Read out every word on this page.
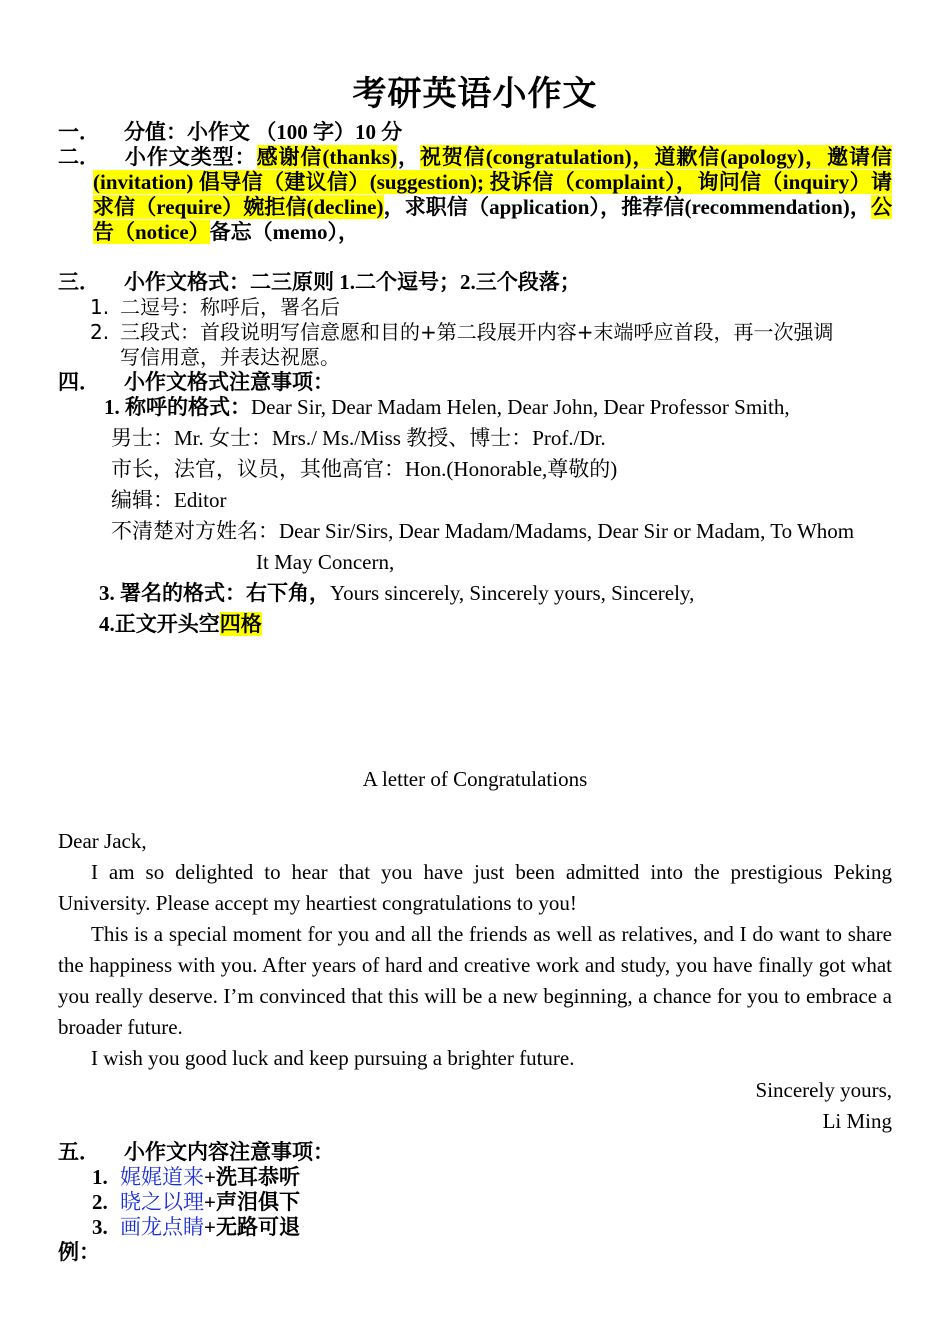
考研英语小作文
一． 分值：小作文 （100 字）10 分
二． 小作文类型：感谢信(thanks)，祝贺信(congratulation)，道歉信(apology)，邀请信(invitation) 倡导信（建议信）(suggestion); 投诉信（complaint），询问信（inquiry）请求信（require）婉拒信(decline)，求职信（application），推荐信(recommendation)，公告（notice）备忘（memo），
三． 小作文格式：二三原则 1.二个逗号；2.三个段落；
1. 二逗号：称呼后，署名后
2. 三段式：首段说明写信意愿和目的+第二段展开内容+末端呼应首段，再一次强调
写信用意，并表达祝愿。
四． 小作文格式注意事项：
1. 称呼的格式：Dear Sir, Dear Madam Helen, Dear John, Dear Professor Smith,
男士：Mr. 女士：Mrs./ Ms./Miss 教授、博士：Prof./Dr.
市长，法官，议员，其他高官：Hon.(Honorable,尊敬的)
编辑：Editor
不清楚对方姓名：Dear Sir/Sirs, Dear Madam/Madams, Dear Sir or Madam, To Whom
It May Concern,
3. 署名的格式：右下角，Yours sincerely, Sincerely yours, Sincerely,
4.正文开头空四格
A letter of Congratulations

Dear Jack,

I am so delighted to hear that you have just been admitted into the prestigious Peking University. Please accept my heartiest congratulations to you!

This is a special moment for you and all the friends as well as relatives, and I do want to share the happiness with you. After years of hard and creative work and study, you have finally got what you really deserve. I’m convinced that this will be a new beginning, a chance for you to embrace a broader future.

I wish you good luck and keep pursuing a brighter future.

Sincerely yours,
Li Ming
五． 小作文内容注意事项：
1. 娓娓道来+洗耳恭听
2. 晓之以理+声泪俱下
3. 画龙点睛+无路可退
例：
